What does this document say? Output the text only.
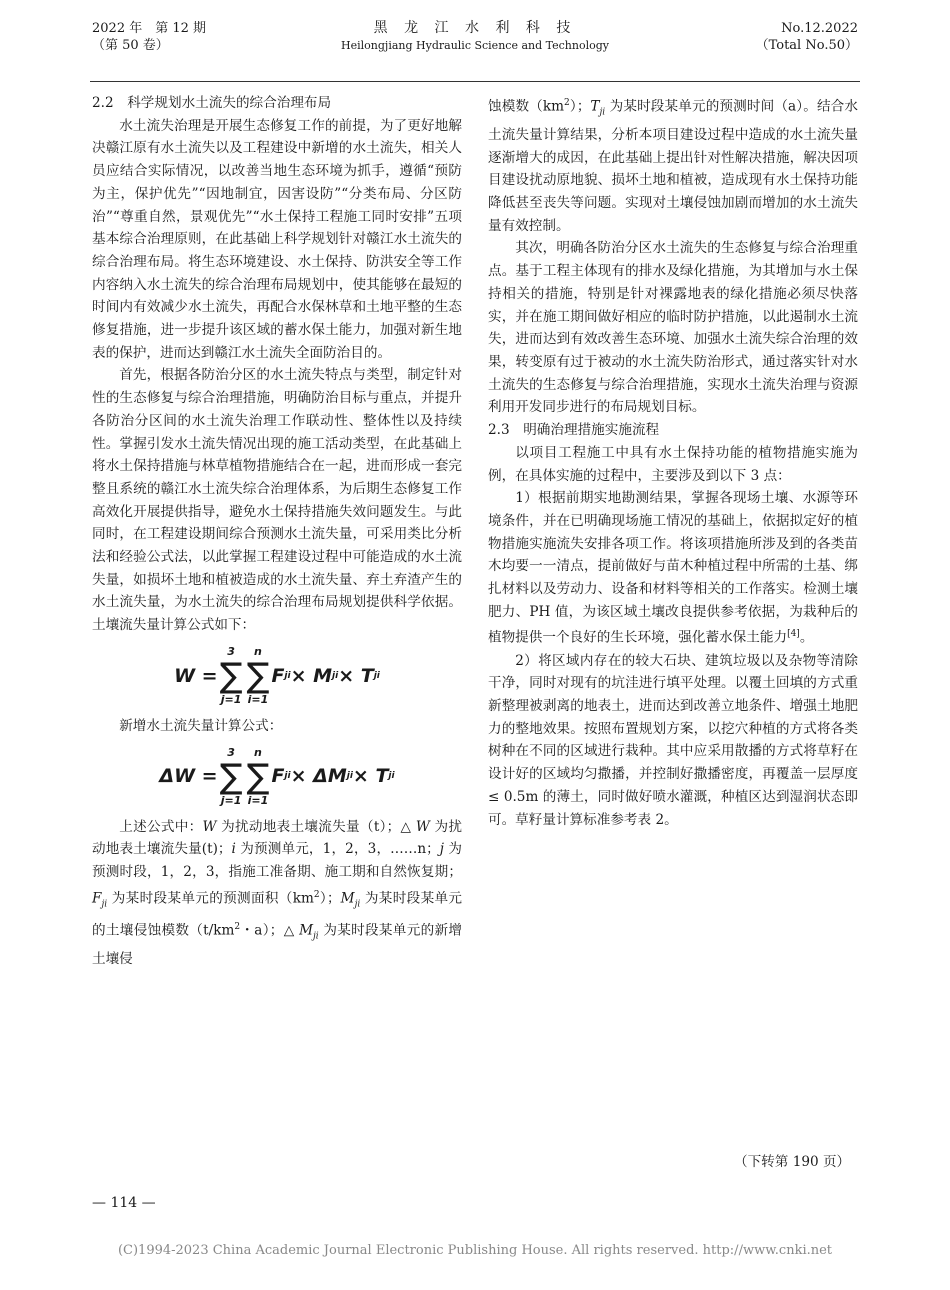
2022 年　第 12 期
（第 50 卷）
黑 龙 江 水 利 科 技
Heilongjiang Hydraulic Science and Technology
No.12.2022
（Total No.50）
2.2　科学规划水土流失的综合治理布局

水土流失治理是开展生态修复工作的前提，为了更好地解决赣江原有水土流失以及工程建设中新增的水土流失，相关人员应结合实际情况，以改善当地生态环境为抓手，遵循“预防为主，保护优先”“因地制宜，因害设防”“分类布局、分区防治”“尊重自然，景观优先”“水土保持工程施工同时安排”五项基本综合治理原则，在此基础上科学规划针对赣江水土流失的综合治理布局。将生态环境建设、水土保持、防洪安全等工作内容纳入水土流失的综合治理布局规划中，使其能够在最短的时间内有效减少水土流失，再配合水保林草和土地平整的生态修复措施，进一步提升该区域的蓄水保土能力，加强对新生地表的保护，进而达到赣江水土流失全面防治目的。

首先，根据各防治分区的水土流失特点与类型，制定针对性的生态修复与综合治理措施，明确防治目标与重点，并提升各防治分区间的水土流失治理工作联动性、整体性以及持续性。掌握引发水土流失情况出现的施工活动类型，在此基础上将水土保持措施与林草植物措施结合在一起，进而形成一套完整且系统的赣江水土流失综合治理体系，为后期生态修复工作高效化开展提供指导，避免水土保持措施失效问题发生。与此同时，在工程建设期间综合预测水土流失量，可采用类比分析法和经验公式法，以此掌握工程建设过程中可能造成的水土流失量，如损坏土地和植被造成的水土流失量、弃土弃渣产生的水土流失量，为水土流失的综合治理布局规划提供科学依据。土壤流失量计算公式如下：

W =
3
∑
j=1
n
∑
i=1
F ji × M ji × T ji

新增水土流失量计算公式：

ΔW =
3
∑
j=1
n
∑
i=1
F ji × ΔM ji × T ji

上述公式中：W 为扰动地表土壤流失量（t）；△ W 为扰动地表土壤流失量(t)；i 为预测单元，1，2，3，……n；j 为预测时段，1，2，3，指施工准备期、施工期和自然恢复期；$F_{ji}$ 为某时段某单元的预测面积$(km^2)$；$M_{ji}$ 为某时段某单元的土壤侵蚀模数（$t/km^2$・a）；△ $M_{ji}$ 为某时段某单元的新增土壤侵

蚀模数$(km^2)$；$T_{ji}$ 为某时段某单元的预测时间（a）。结合水土流失量计算结果，分析本项目建设过程中造成的水土流失量逐渐增大的成因，在此基础上提出针对性解决措施，解决因项目建设扰动原地貌、损坏土地和植被，造成现有水土保持功能降低甚至丧失等问题。实现对土壤侵蚀加剧而增加的水土流失量有效控制。

其次，明确各防治分区水土流失的生态修复与综合治理重点。基于工程主体现有的排水及绿化措施，为其增加与水土保持相关的措施，特别是针对裸露地表的绿化措施必须尽快落实，并在施工期间做好相应的临时防护措施，以此遏制水土流失，进而达到有效改善生态环境、加强水土流失综合治理的效果，转变原有过于被动的水土流失防治形式，通过落实针对水土流失的生态修复与综合治理措施，实现水土流失治理与资源利用开发同步进行的布局规划目标。

2.3　明确治理措施实施流程

以项目工程施工中具有水土保持功能的植物措施实施为例，在具体实施的过程中，主要涉及到以下 3 点：

1）根据前期实地勘测结果，掌握各现场土壤、水源等环境条件，并在已明确现场施工情况的基础上，依据拟定好的植物措施实施流失安排各项工作。将该项措施所涉及到的各类苗木均要一一清点，提前做好与苗木种植过程中所需的土基、绑扎材料以及劳动力、设备和材料等相关的工作落实。检测土壤肥力、PH 值，为该区域土壤改良提供参考依据，为栽种后的植物提供一个良好的生长环境，强化蓄水保土能力[4]。

2）将区域内存在的较大石块、建筑垃圾以及杂物等清除干净，同时对现有的坑洼进行填平处理。以覆土回填的方式重新整理被剥离的地表土，进而达到改善立地条件、增强土地肥力的整地效果。按照布置规划方案，以挖穴种植的方式将各类树种在不同的区域进行栽种。其中应采用散播的方式将草籽在设计好的区域均匀撒播，并控制好撒播密度，再覆盖一层厚度≤ 0.5m 的薄土，同时做好喷水灌溉，种植区达到湿润状态即可。草籽量计算标准参考表 2。

（下转第 190 页）
— 114 —
(C)1994-2023 China Academic Journal Electronic Publishing House. All rights reserved. http://www.cnki.net
